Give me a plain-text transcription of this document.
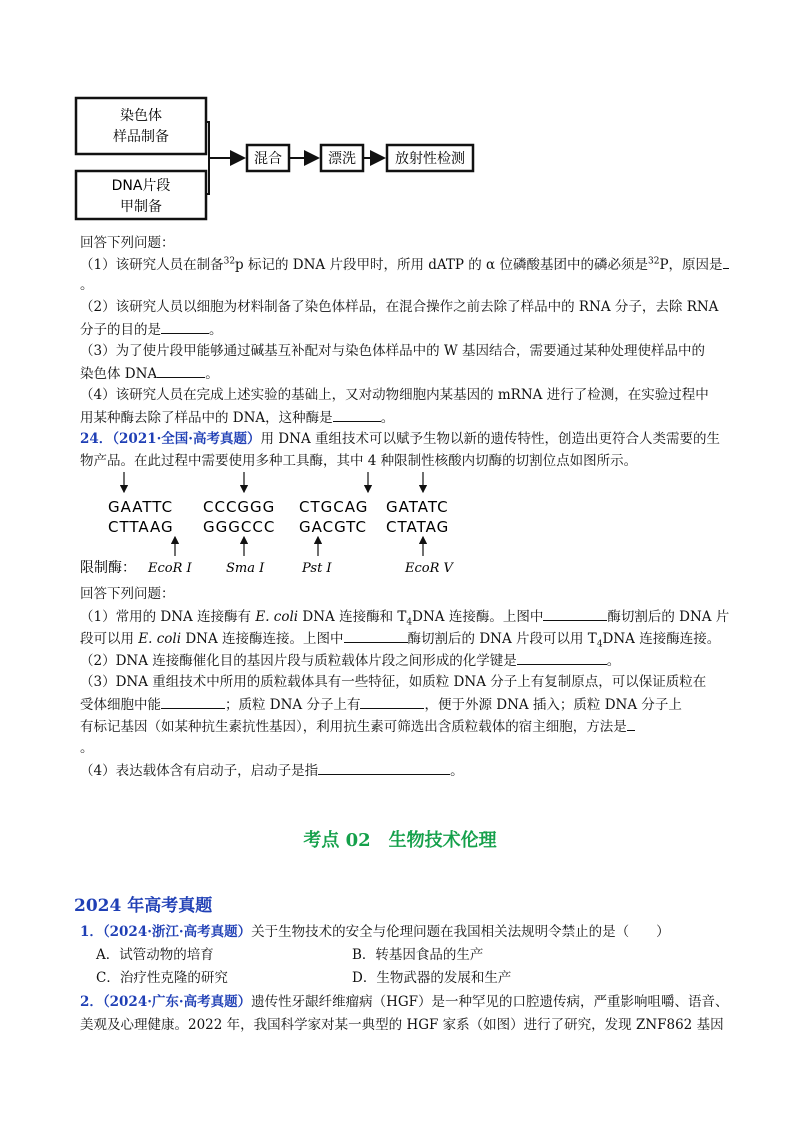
染色体
样品制备
DNA片段
甲制备
混合	漂洗	放射性检测
回答下列问题：
（1）该研究人员在制备$^{32}$p 标记的 DNA 片段甲时，所用 dATP 的 α 位磷酸基团中的磷必须是$^{32}$P，原因是
。
（2）该研究人员以细胞为材料制备了染色体样品，在混合操作之前去除了样品中的 RNA 分子，去除 RNA
分子的目的是	。
（3）为了使片段甲能够通过碱基互补配对与染色体样品中的 W 基因结合，需要通过某种处理使样品中的
染色体 DNA	。
（4）该研究人员在完成上述实验的基础上，又对动物细胞内某基因的 mRNA 进行了检测，在实验过程中
用某种酶去除了样品中的 DNA，这种酶是	。
24．（2021·全国·高考真题）用 DNA 重组技术可以赋予生物以新的遗传特性，创造出更符合人类需要的生
物产品。在此过程中需要使用多种工具酶，其中 4 种限制性核酸内切酶的切割位点如图所示。
GAATTC CCCGGG CTGCAG GATATC
CTTAAG GGGCCC GACGTC CTATAG
限制酶： EcoR I	Sma I	Pst I	EcoR V
回答下列问题：
（1）常用的 DNA 连接酶有 E. coli DNA 连接酶和 $T_4DNA$ 连接酶。上图中	酶切割后的 DNA 片
段可以用 E. coli DNA 连接酶连接。上图中	酶切割后的 DNA 片段可以用 $T_4DNA$ 连接酶连接。
（2）DNA 连接酶催化目的基因片段与质粒载体片段之间形成的化学键是	。
（3）DNA 重组技术中所用的质粒载体具有一些特征，如质粒 DNA 分子上有复制原点，可以保证质粒在
受体细胞中能	；质粒 DNA 分子上有	，便于外源 DNA 插入；质粒 DNA 分子上
有标记基因（如某种抗生素抗性基因），利用抗生素可筛选出含质粒载体的宿主细胞，方法是
。
（4）表达载体含有启动子，启动子是指	。
考点 02　生物技术伦理
2024 年高考真题
1．（2024·浙江·高考真题）关于生物技术的安全与伦理问题在我国相关法规明令禁止的是（　　）
A．试管动物的培育	B．转基因食品的生产
C．治疗性克隆的研究	D．生物武器的发展和生产
2．（2024·广东·高考真题）遗传性牙龈纤维瘤病（HGF）是一种罕见的口腔遗传病，严重影响咀嚼、语音、
美观及心理健康。2022 年，我国科学家对某一典型的 HGF 家系（如图）进行了研究，发现 ZNF862 基因
